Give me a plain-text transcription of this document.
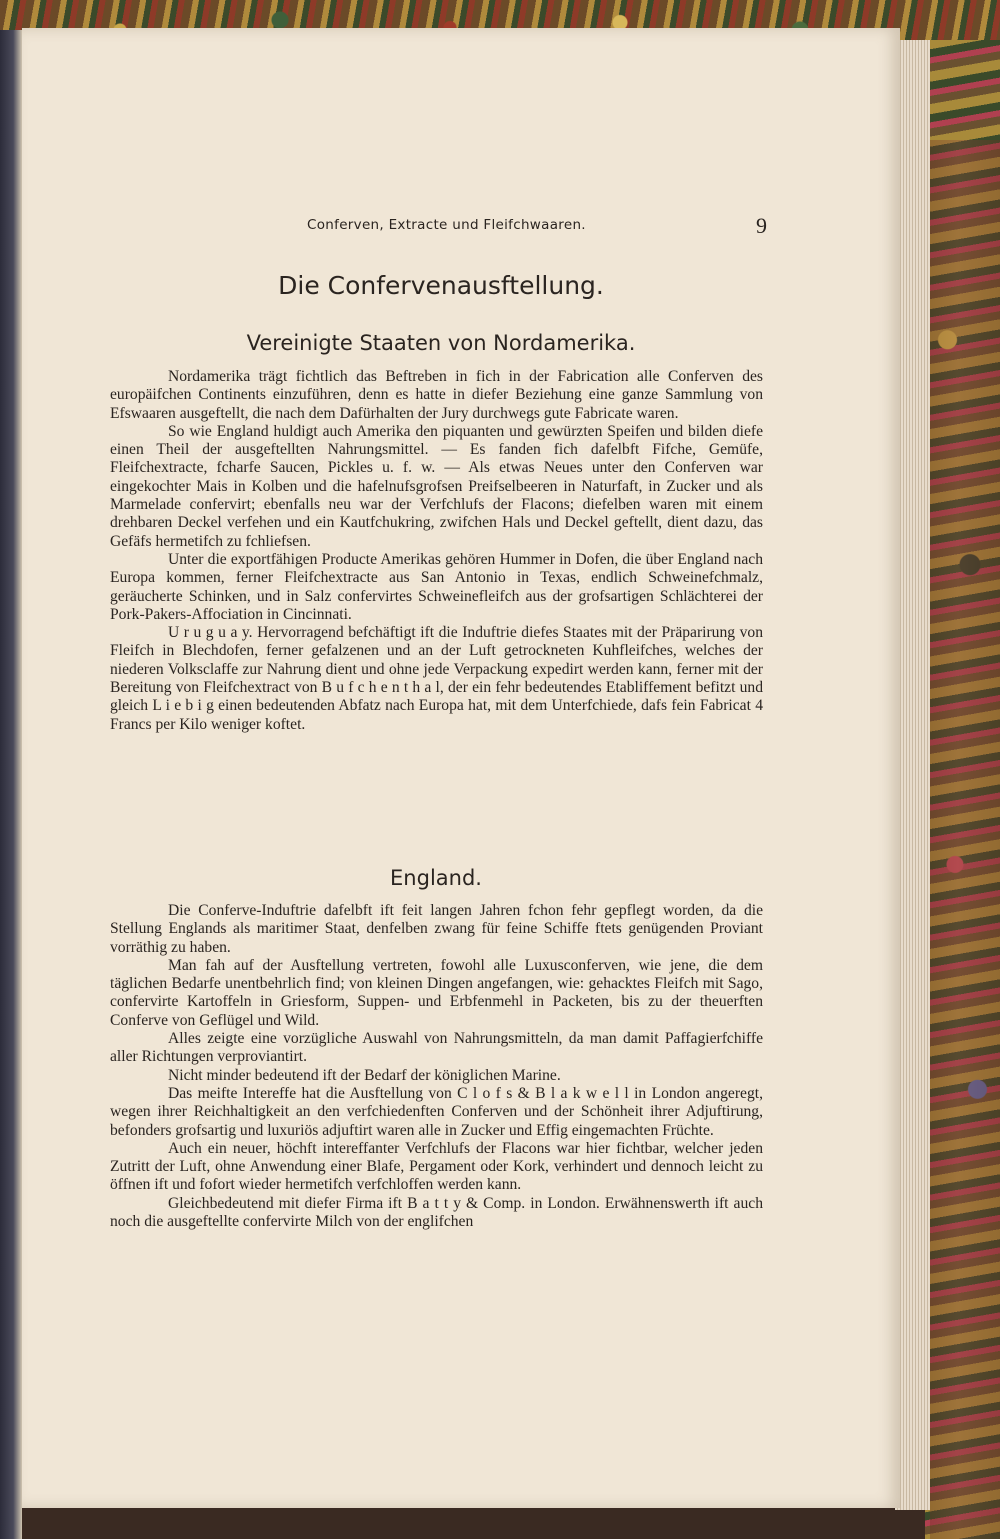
Conferven, Extracte und Fleifchwaaren.	9
Die Confervenausftellung.
Vereinigte Staaten von Nordamerika.

Nordamerika trägt fichtlich das Beftreben in fich in der Fabrication alle Conferven des europäifchen Continents einzuführen, denn es hatte in diefer Beziehung eine ganze Sammlung von Efswaaren ausgeftellt, die nach dem Dafürhalten der Jury durchwegs gute Fabricate waren.

So wie England huldigt auch Amerika den piquanten und gewürzten Speifen und bilden diefe einen Theil der ausgeftellten Nahrungsmittel. — Es fanden fich dafelbft Fifche, Gemüfe, Fleifchextracte, fcharfe Saucen, Pickles u. f. w. — Als etwas Neues unter den Conferven war eingekochter Mais in Kolben und die hafelnufsgrofsen Preifselbeeren in Naturfaft, in Zucker und als Marmelade confervirt; ebenfalls neu war der Verfchlufs der Flacons; diefelben waren mit einem drehbaren Deckel verfehen und ein Kautfchukring, zwifchen Hals und Deckel geftellt, dient dazu, das Gefäfs hermetifch zu fchliefsen.

Unter die exportfähigen Producte Amerikas gehören Hummer in Dofen, die über England nach Europa kommen, ferner Fleifchextracte aus San Antonio in Texas, endlich Schweinefchmalz, geräucherte Schinken, und in Salz confervirtes Schweinefleifch aus der grofsartigen Schlächterei der Pork-Pakers-Affociation in Cincinnati.

U r u g u a y. Hervorragend befchäftigt ift die Induftrie diefes Staates mit der Präparirung von Fleifch in Blechdofen, ferner gefalzenen und an der Luft getrockneten Kuhfleifches, welches der niederen Volksclaffe zur Nahrung dient und ohne jede Verpackung expedirt werden kann, ferner mit der Bereitung von Fleifchextract von B u f c h e n t h a l, der ein fehr bedeutendes Etabliffement befitzt und gleich L i e b i g einen bedeutenden Abfatz nach Europa hat, mit dem Unterfchiede, dafs fein Fabricat 4 Francs per Kilo weniger koftet.

England.

Die Conferve-Induftrie dafelbft ift feit langen Jahren fchon fehr gepflegt worden, da die Stellung Englands als maritimer Staat, denfelben zwang für feine Schiffe ftets genügenden Proviant vorräthig zu haben.

Man fah auf der Ausftellung vertreten, fowohl alle Luxusconferven, wie jene, die dem täglichen Bedarfe unentbehrlich find; von kleinen Dingen angefangen, wie: gehacktes Fleifch mit Sago, confervirte Kartoffeln in Griesform, Suppen- und Erbfenmehl in Packeten, bis zu der theuerften Conferve von Geflügel und Wild.

Alles zeigte eine vorzügliche Auswahl von Nahrungsmitteln, da man damit Paffagierfchiffe aller Richtungen verproviantirt.

Nicht minder bedeutend ift der Bedarf der königlichen Marine.

Das meifte Intereffe hat die Ausftellung von C l o f s & B l a k w e l l in London angeregt, wegen ihrer Reichhaltigkeit an den verfchiedenften Conferven und der Schönheit ihrer Adjuftirung, befonders grofsartig und luxuriös adjuftirt waren alle in Zucker und Effig eingemachten Früchte.

Auch ein neuer, höchft intereffanter Verfchlufs der Flacons war hier fichtbar, welcher jeden Zutritt der Luft, ohne Anwendung einer Blafe, Pergament oder Kork, verhindert und dennoch leicht zu öffnen ift und fofort wieder hermetifch verfchloffen werden kann.

Gleichbedeutend mit diefer Firma ift B a t t y & Comp. in London. Erwähnenswerth ift auch noch die ausgeftellte confervirte Milch von der englifchen
